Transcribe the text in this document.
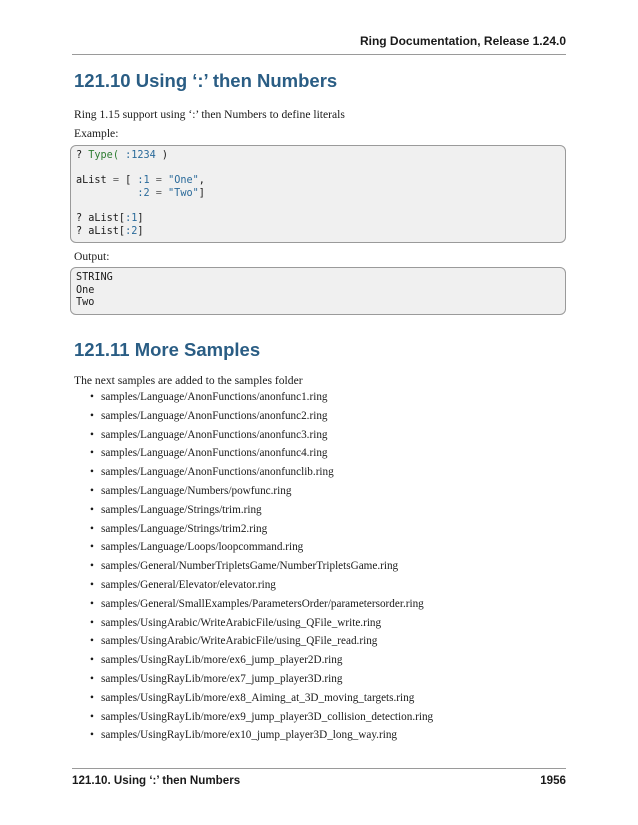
Ring Documentation, Release 1.24.0
121.10 Using ‘:’ then Numbers

Ring 1.15 support using ‘:’ then Numbers to define literals

Example:

? Type( :1234 )
aList = [ :1 = "One",
:2 = "Two"]
? aList[:1]
? aList[:2]

Output:

STRING
One
Two
121.11 More Samples

The next samples are added to the samples folder

• samples/Language/AnonFunctions/anonfunc1.ring
• samples/Language/AnonFunctions/anonfunc2.ring
• samples/Language/AnonFunctions/anonfunc3.ring
• samples/Language/AnonFunctions/anonfunc4.ring
• samples/Language/AnonFunctions/anonfunclib.ring
• samples/Language/Numbers/powfunc.ring
• samples/Language/Strings/trim.ring
• samples/Language/Strings/trim2.ring
• samples/Language/Loops/loopcommand.ring
• samples/General/NumberTripletsGame/NumberTripletsGame.ring
• samples/General/Elevator/elevator.ring
• samples/General/SmallExamples/ParametersOrder/parametersorder.ring
• samples/UsingArabic/WriteArabicFile/using_QFile_write.ring
• samples/UsingArabic/WriteArabicFile/using_QFile_read.ring
• samples/UsingRayLib/more/ex6_jump_player2D.ring
• samples/UsingRayLib/more/ex7_jump_player3D.ring
• samples/UsingRayLib/more/ex8_Aiming_at_3D_moving_targets.ring
• samples/UsingRayLib/more/ex9_jump_player3D_collision_detection.ring
• samples/UsingRayLib/more/ex10_jump_player3D_long_way.ring
121.10. Using ‘:’ then Numbers	1956
